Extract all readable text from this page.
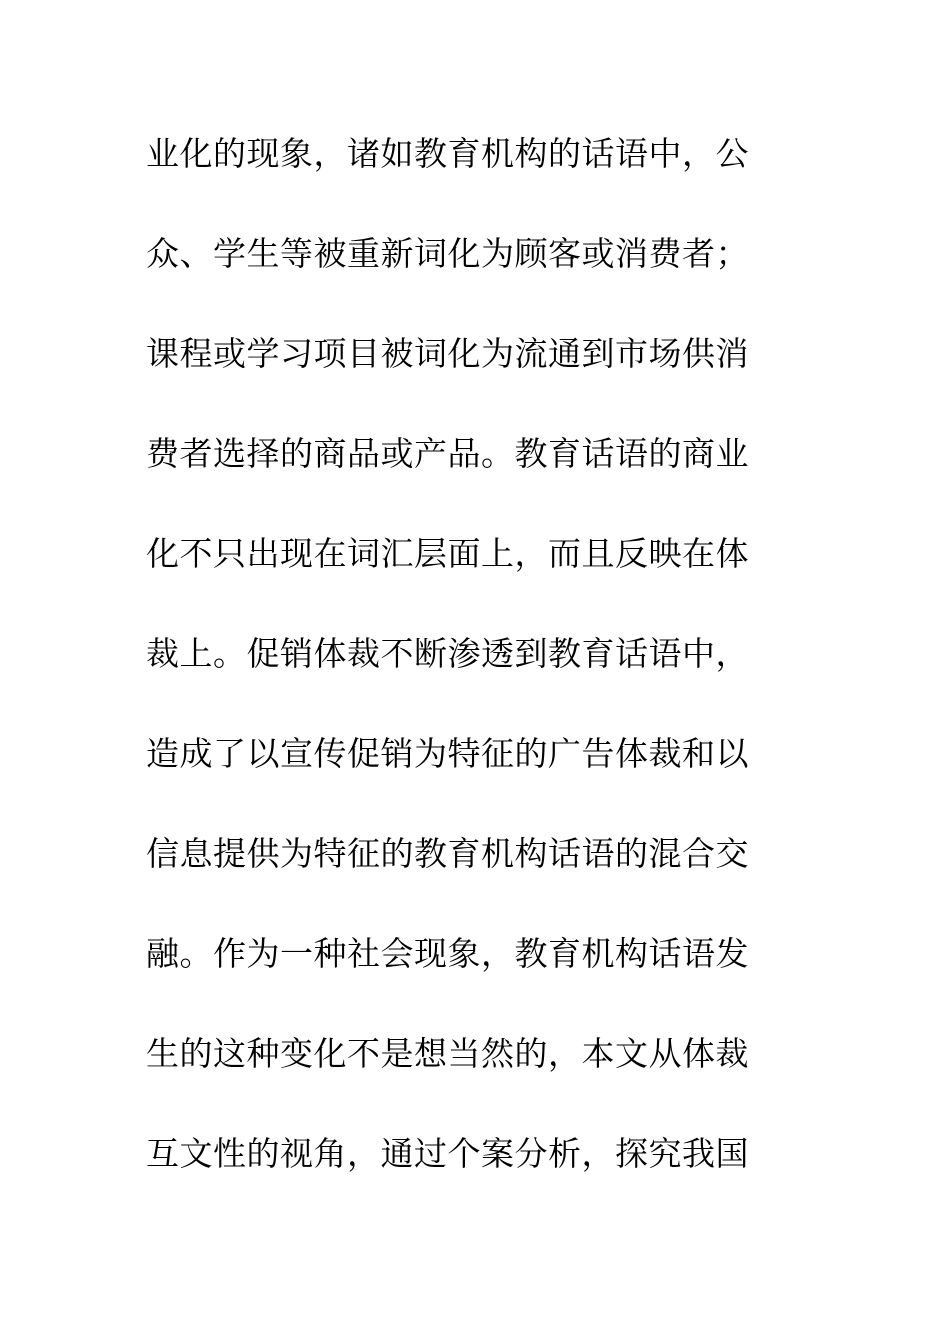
业化的现象，诸如教育机构的话语中，公
众、学生等被重新词化为顾客或消费者；
课程或学习项目被词化为流通到市场供消
费者选择的商品或产品。教育话语的商业
化不只出现在词汇层面上，而且反映在体
裁上。促销体裁不断渗透到教育话语中，
造成了以宣传促销为特征的广告体裁和以
信息提供为特征的教育机构话语的混合交
融。作为一种社会现象，教育机构话语发
生的这种变化不是想当然的，本文从体裁
互文性的视角，通过个案分析，探究我国
